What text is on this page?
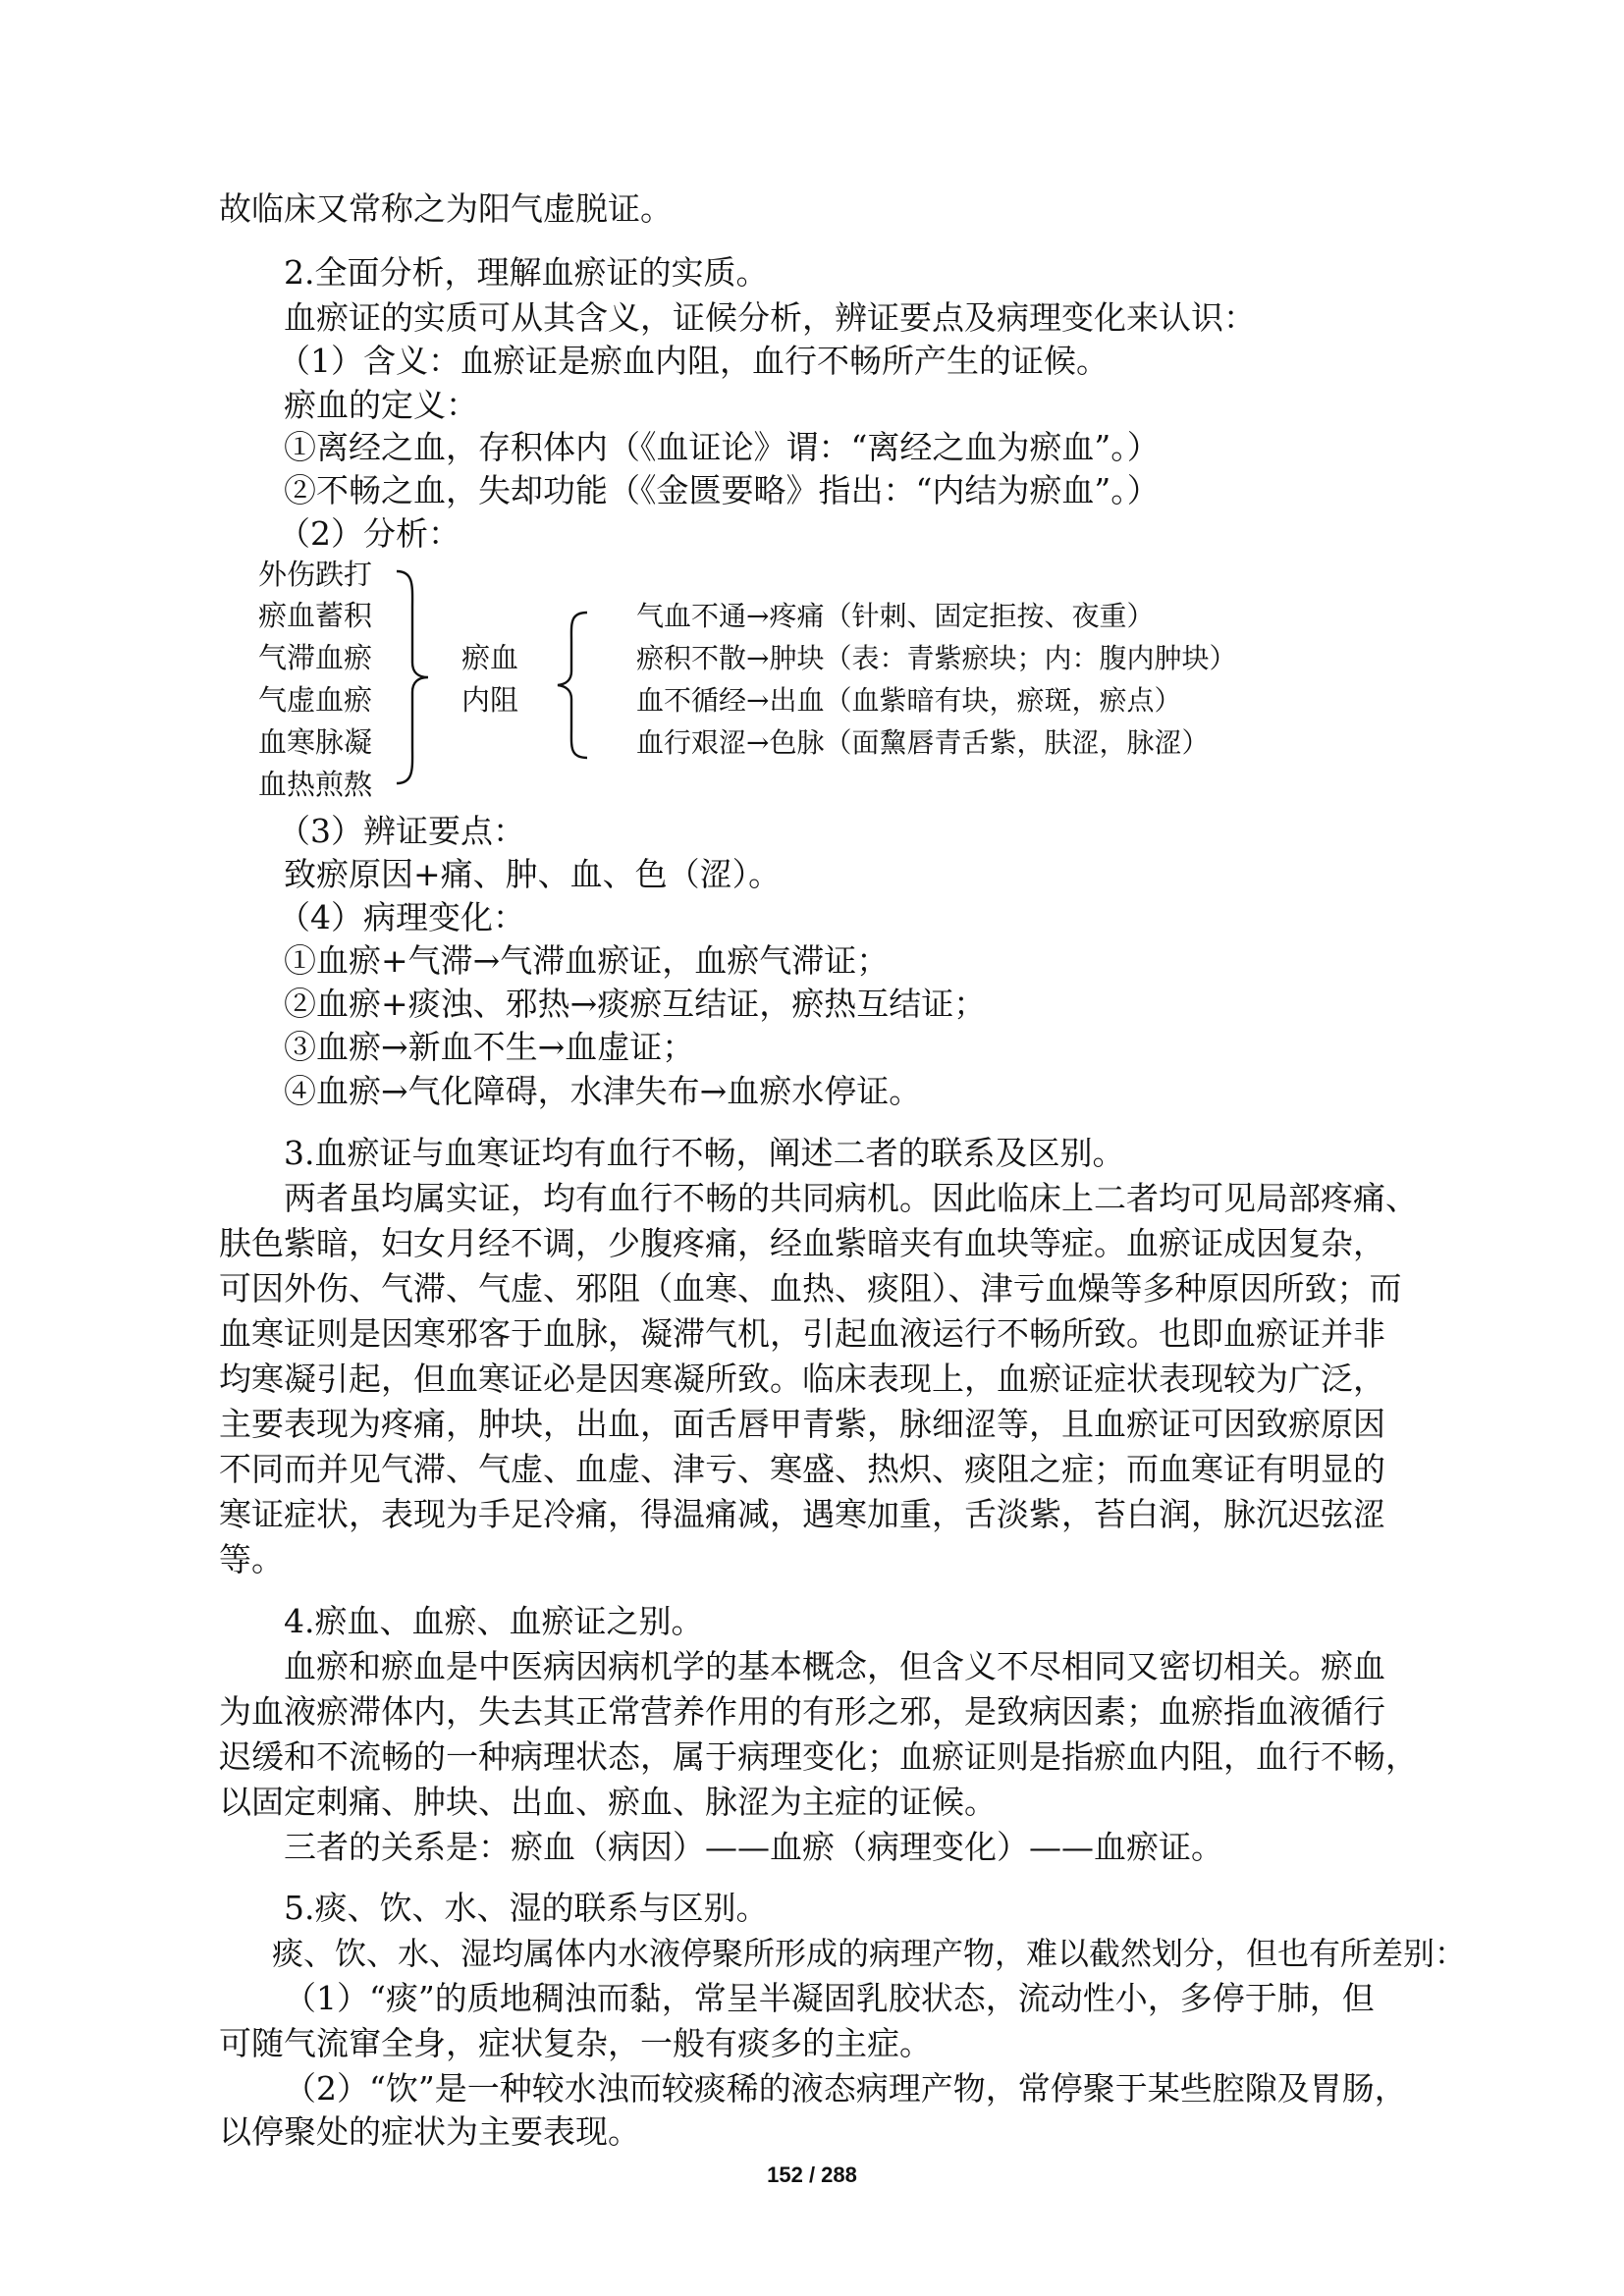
故临床又常称之为阳气虚脱证。
2.全面分析，理解血瘀证的实质。
血瘀证的实质可从其含义，证候分析，辨证要点及病理变化来认识：
（1）含义：血瘀证是瘀血内阻，血行不畅所产生的证候。
瘀血的定义：
①离经之血，存积体内（《血证论》谓：“离经之血为瘀血”。）
②不畅之血，失却功能（《金匮要略》指出：“内结为瘀血”。）
（2）分析：
外伤跌打
瘀血蓄积
气滞血瘀
气虚血瘀
血寒脉凝
血热煎熬
瘀血
内阻
气血不通→疼痛（针刺、固定拒按、夜重）
瘀积不散→肿块（表：青紫瘀块；内：腹内肿块）
血不循经→出血（血紫暗有块，瘀斑，瘀点）
血行艰涩→色脉（面黧唇青舌紫，肤涩，脉涩）
（3）辨证要点：
致瘀原因+痛、肿、血、色（涩）。
（4）病理变化：
①血瘀+气滞→气滞血瘀证，血瘀气滞证；
②血瘀+痰浊、邪热→痰瘀互结证，瘀热互结证；
③血瘀→新血不生→血虚证；
④血瘀→气化障碍，水津失布→血瘀水停证。
3.血瘀证与血寒证均有血行不畅，阐述二者的联系及区别。
两者虽均属实证，均有血行不畅的共同病机。因此临床上二者均可见局部疼痛、
肤色紫暗，妇女月经不调，少腹疼痛，经血紫暗夹有血块等症。血瘀证成因复杂，
可因外伤、气滞、气虚、邪阻（血寒、血热、痰阻）、津亏血燥等多种原因所致；而
血寒证则是因寒邪客于血脉，凝滞气机，引起血液运行不畅所致。也即血瘀证并非
均寒凝引起，但血寒证必是因寒凝所致。临床表现上，血瘀证症状表现较为广泛，
主要表现为疼痛，肿块，出血，面舌唇甲青紫，脉细涩等，且血瘀证可因致瘀原因
不同而并见气滞、气虚、血虚、津亏、寒盛、热炽、痰阻之症；而血寒证有明显的
寒证症状，表现为手足冷痛，得温痛减，遇寒加重，舌淡紫，苔白润，脉沉迟弦涩
等。
4.瘀血、血瘀、血瘀证之别。
血瘀和瘀血是中医病因病机学的基本概念，但含义不尽相同又密切相关。瘀血
为血液瘀滞体内，失去其正常营养作用的有形之邪，是致病因素；血瘀指血液循行
迟缓和不流畅的一种病理状态，属于病理变化；血瘀证则是指瘀血内阻，血行不畅，
以固定刺痛、肿块、出血、瘀血、脉涩为主症的证候。
三者的关系是：瘀血（病因）——血瘀（病理变化）——血瘀证。
5.痰、饮、水、湿的联系与区别。
痰、饮、水、湿均属体内水液停聚所形成的病理产物，难以截然划分，但也有所差别：
（1）“痰”的质地稠浊而黏，常呈半凝固乳胶状态，流动性小，多停于肺，但
可随气流窜全身，症状复杂，一般有痰多的主症。
（2）“饮”是一种较水浊而较痰稀的液态病理产物，常停聚于某些腔隙及胃肠，
以停聚处的症状为主要表现。
152 / 288
